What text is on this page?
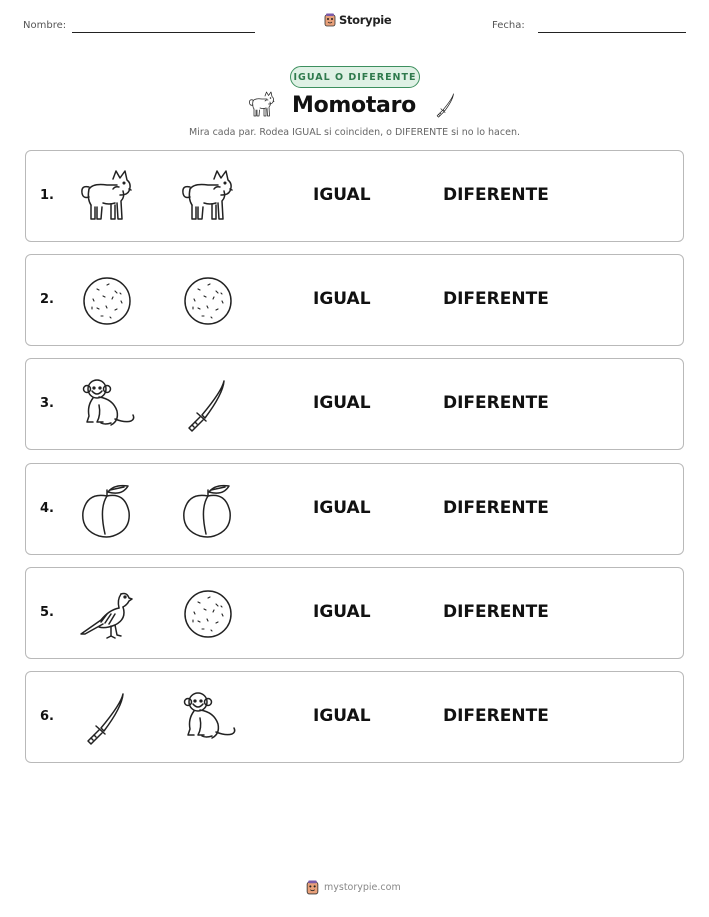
Nombre:	Storypie	Fecha:
IGUAL O DIFERENTE
Momotaro
Mira cada par. Rodea IGUAL si coinciden, o DIFERENTE si no lo hacen.
1.	IGUAL	DIFERENTE
2.	IGUAL	DIFERENTE
3.	IGUAL	DIFERENTE
4.	IGUAL	DIFERENTE
5.	IGUAL	DIFERENTE
6.	IGUAL	DIFERENTE
mystorypie.com
